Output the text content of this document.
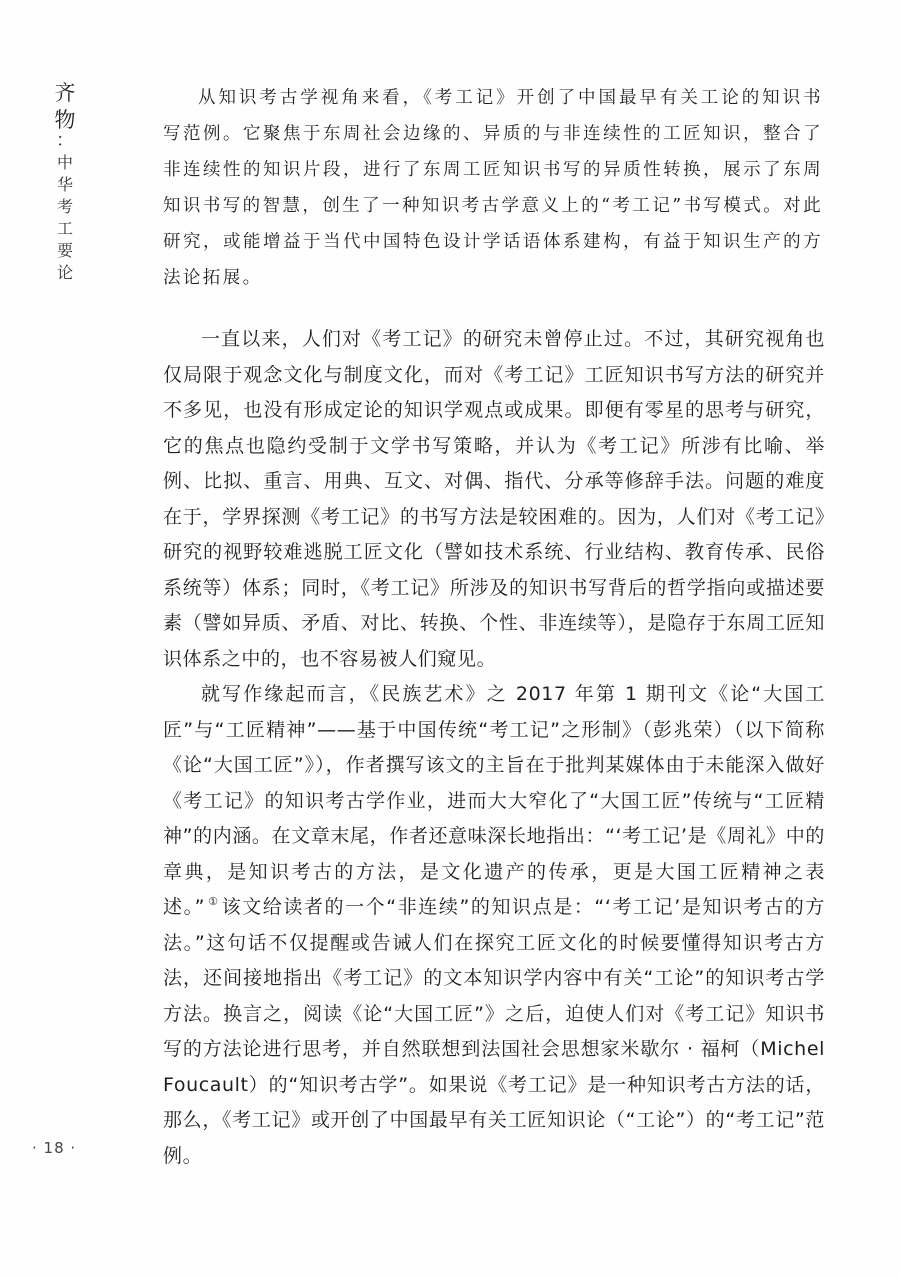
齐
物
：
中
华
考
工
要
论

从知识考古学视角来看，《考工记》开创了中国最早有关工论的知识书写范例。它聚焦于东周社会边缘的、异质的与非连续性的工匠知识，整合了非连续性的知识片段，进行了东周工匠知识书写的异质性转换，展示了东周知识书写的智慧，创生了一种知识考古学意义上的“考工记”书写模式。对此研究，或能增益于当代中国特色设计学话语体系建构，有益于知识生产的方法论拓展。

一直以来，人们对《考工记》的研究未曾停止过。不过，其研究视角也仅局限于观念文化与制度文化，而对《考工记》工匠知识书写方法的研究并不多见，也没有形成定论的知识学观点或成果。即便有零星的思考与研究，它的焦点也隐约受制于文学书写策略，并认为《考工记》所涉有比喻、举例、比拟、重言、用典、互文、对偶、指代、分承等修辞手法。问题的难度在于，学界探测《考工记》的书写方法是较困难的。因为，人们对《考工记》研究的视野较难逃脱工匠文化（譬如技术系统、行业结构、教育传承、民俗系统等）体系；同时，《考工记》所涉及的知识书写背后的哲学指向或描述要素（譬如异质、矛盾、对比、转换、个性、非连续等），是隐存于东周工匠知识体系之中的，也不容易被人们窥见。

就写作缘起而言，《民族艺术》之 2017 年第 1 期刊文《论“大国工匠”与“工匠精神”——基于中国传统“考工记”之形制》（彭兆荣）（以下简称《论“大国工匠”》），作者撰写该文的主旨在于批判某媒体由于未能深入做好《考工记》的知识考古学作业，进而大大窄化了“大国工匠”传统与“工匠精神”的内涵。在文章末尾，作者还意味深长地指出：“‘考工记’是《周礼》中的章典，是知识考古的方法，是文化遗产的传承，更是大国工匠精神之表述。” ① 该文给读者的一个“非连续”的知识点是：“‘考工记’是知识考古的方法。”这句话不仅提醒或告诫人们在探究工匠文化的时候要懂得知识考古方法，还间接地指出《考工记》的文本知识学内容中有关“工论”的知识考古学方法。换言之，阅读《论“大国工匠”》之后，迫使人们对《考工记》知识书写的方法论进行思考，并自然联想到法国社会思想家米歇尔 · 福柯（Michel Foucault）的“知识考古学”。如果说《考工记》是一种知识考古方法的话，那么，《考工记》或开创了中国最早有关工匠知识论（“工论”）的“考工记”范例。

· 18 ·
